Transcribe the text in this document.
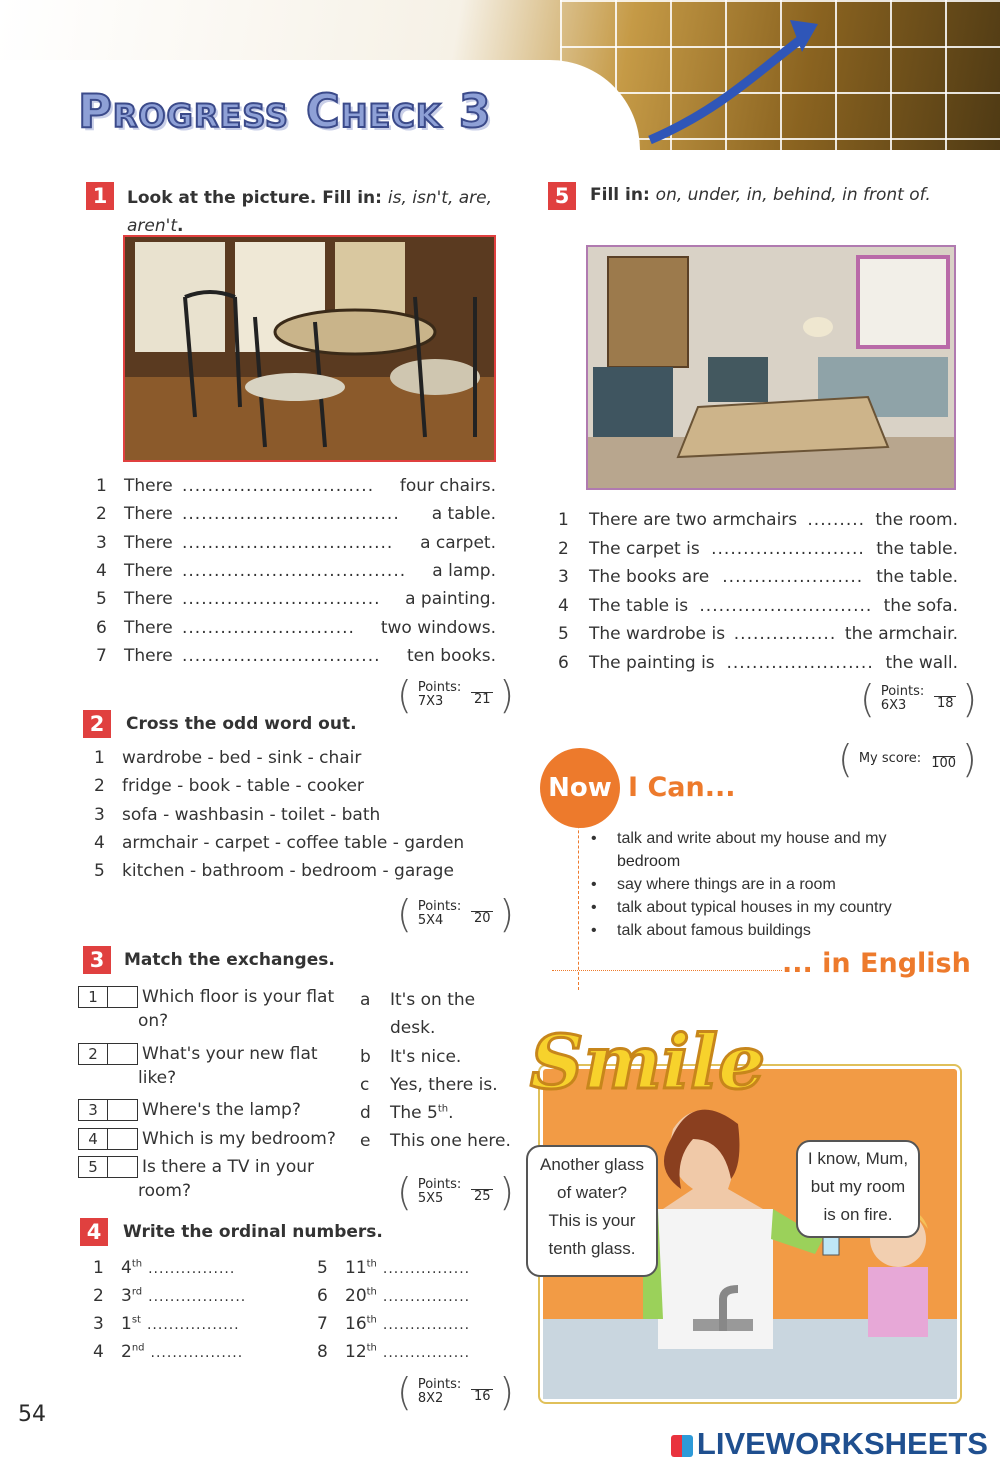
Progress Check 3
1	Look at the picture. Fill in: is, isn't, are,
aren't.
1	There ..............................	four chairs.
2	There ..................................	a table.
3	There .................................	a carpet.
4	There ...................................	a lamp.
5	There ...............................	a painting.
6	There ...........................	two windows.
7	There ...............................	ten books.
( Points:
7X3	21 )
2	Cross the odd word out.
1 wardrobe - bed - sink - chair
2 fridge - book - table - cooker
3 sofa - washbasin - toilet - bath
4 armchair - carpet - coffee table - garden
5 kitchen - bathroom - bedroom - garage
( Points:
5X4	20 )
3	Match the exchanges.
1	Which floor is your flat
on?
2	What's your new flat
like?
3	Where's the lamp?
4	Which is my bedroom?
5	Is there a TV in your
room?
a It's on the
desk.
b It's nice.
c Yes, there is.
d The 5th.
e This one here.
( Points:
5X5	25 )
4	Write the ordinal numbers.
1 4th ................
2 3rd ..................
3 1st .................
4 2nd .................
5 11th ................
6 20th ................
7 16th ................
8 12th ................
( Points:
8X2	16 )
54
5	Fill in: on, under, in, behind, in front of.
1	There are two armchairs ......... the room.
2	The carpet is ........................ the table.
3	The books are ...................... the table.
4	The table is ........................... the sofa.
5	The wardrobe is ................ the armchair.
6	The painting is ....................... the wall.
( Points:
6X3	18 )
( My score: 100 )
Now I Can...
• talk and write about my house and my
bedroom
• say where things are in a room
• talk about typical houses in my country
• talk about famous buildings
... in English
Smile
Another glass
of water?
This is your
tenth glass.
I know, Mum,
but my room
is on fire.
LIVEWORKSHEETS
